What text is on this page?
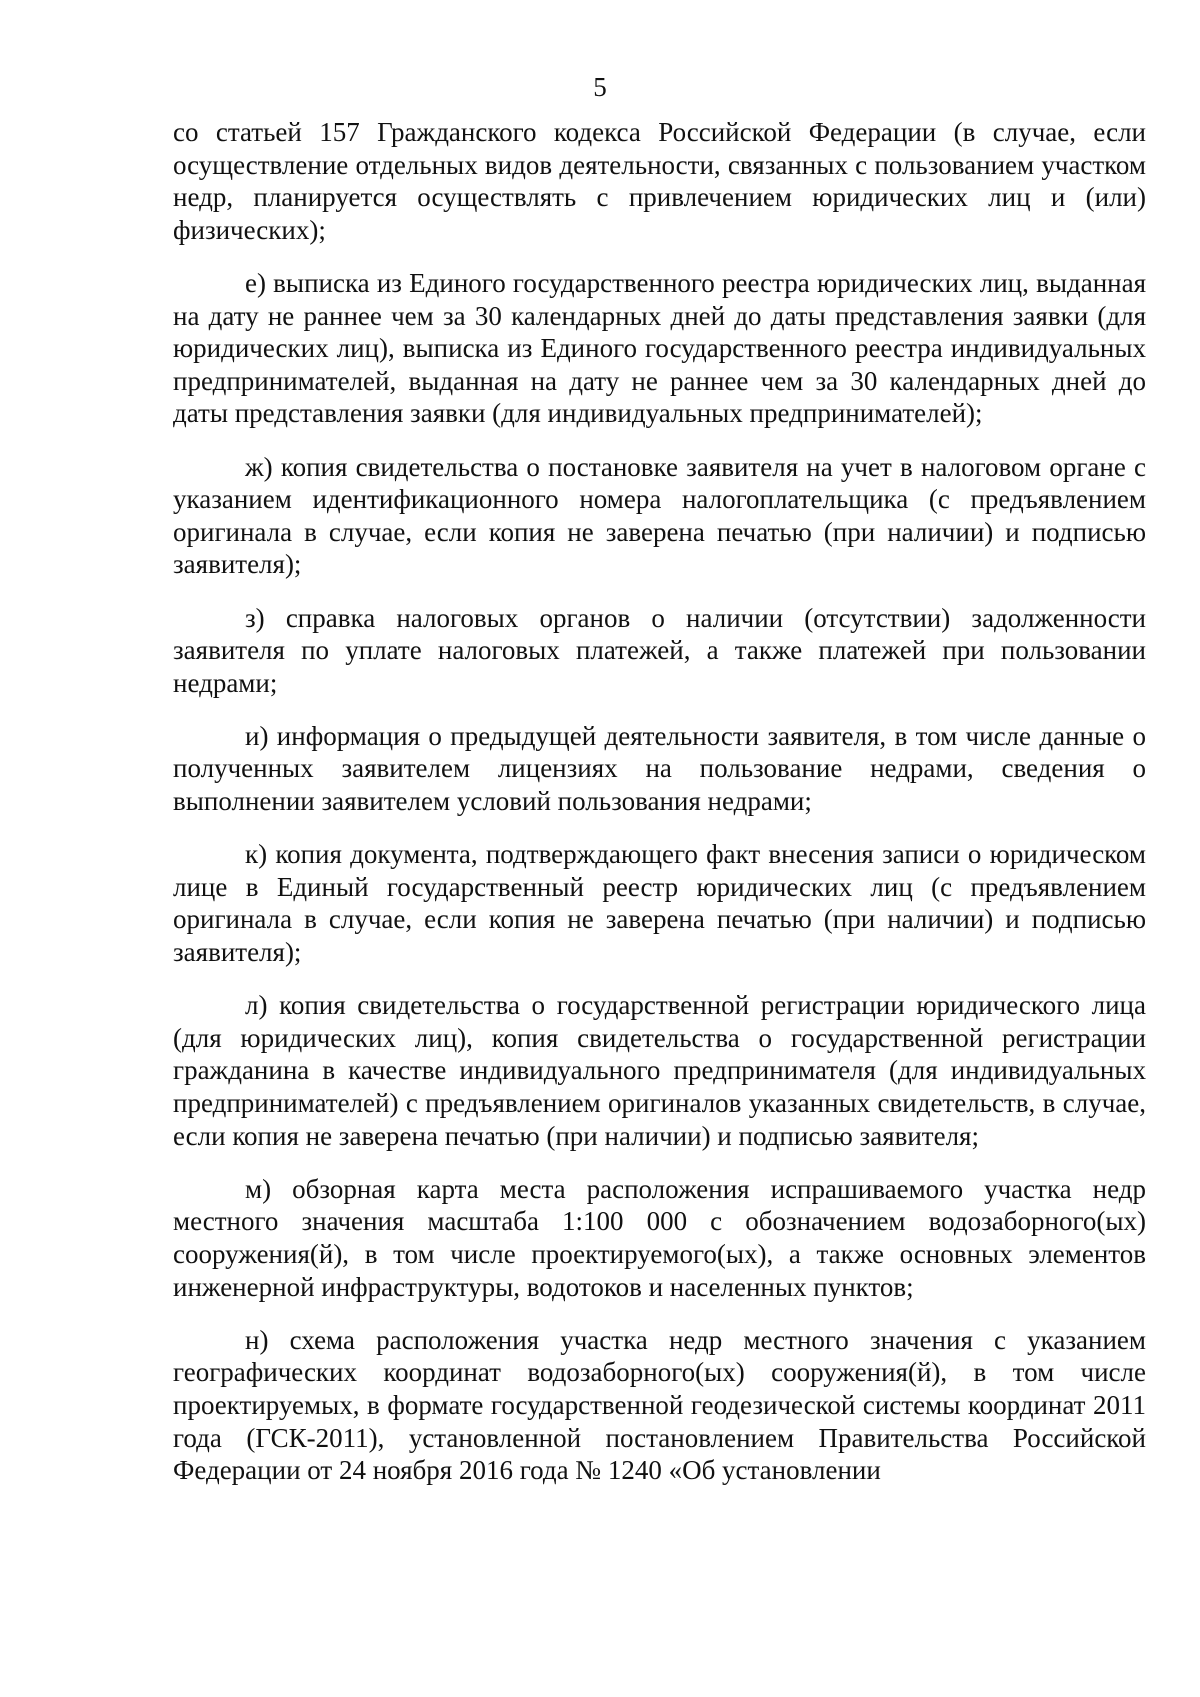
5

со статьей 157 Гражданского кодекса Российской Федерации (в случае, если осуществление отдельных видов деятельности, связанных с пользованием участком недр, планируется осуществлять с привлечением юридических лиц и (или) физических);

е) выписка из Единого государственного реестра юридических лиц, выданная на дату не раннее чем за 30 календарных дней до даты представления заявки (для юридических лиц), выписка из Единого государственного реестра индивидуальных предпринимателей, выданная на дату не раннее чем за 30 календарных дней до даты представления заявки (для индивидуальных предпринимателей);

ж) копия свидетельства о постановке заявителя на учет в налоговом органе с указанием идентификационного номера налогоплательщика (с предъявлением оригинала в случае, если копия не заверена печатью (при наличии) и подписью заявителя);

з) справка налоговых органов о наличии (отсутствии) задолженности заявителя по уплате налоговых платежей, а также платежей при пользовании недрами;

и) информация о предыдущей деятельности заявителя, в том числе данные о полученных заявителем лицензиях на пользование недрами, сведения о выполнении заявителем условий пользования недрами;

к) копия документа, подтверждающего факт внесения записи о юридическом лице в Единый государственный реестр юридических лиц (с предъявлением оригинала в случае, если копия не заверена печатью (при наличии) и подписью заявителя);

л) копия свидетельства о государственной регистрации юридического лица (для юридических лиц), копия свидетельства о государственной регистрации гражданина в качестве индивидуального предпринимателя (для индивидуальных предпринимателей) с предъявлением оригиналов указанных свидетельств, в случае, если копия не заверена печатью (при наличии) и подписью заявителя;

м) обзорная карта места расположения испрашиваемого участка недр местного значения масштаба 1:100 000 с обозначением водозаборного(ых) сооружения(й), в том числе проектируемого(ых), а также основных элементов инженерной инфраструктуры, водотоков и населенных пунктов;

н) схема расположения участка недр местного значения с указанием географических координат водозаборного(ых) сооружения(й), в том числе проектируемых, в формате государственной геодезической системы координат 2011 года (ГСК-2011), установленной постановлением Правительства Российской Федерации от 24 ноября 2016 года № 1240 «Об установлении
